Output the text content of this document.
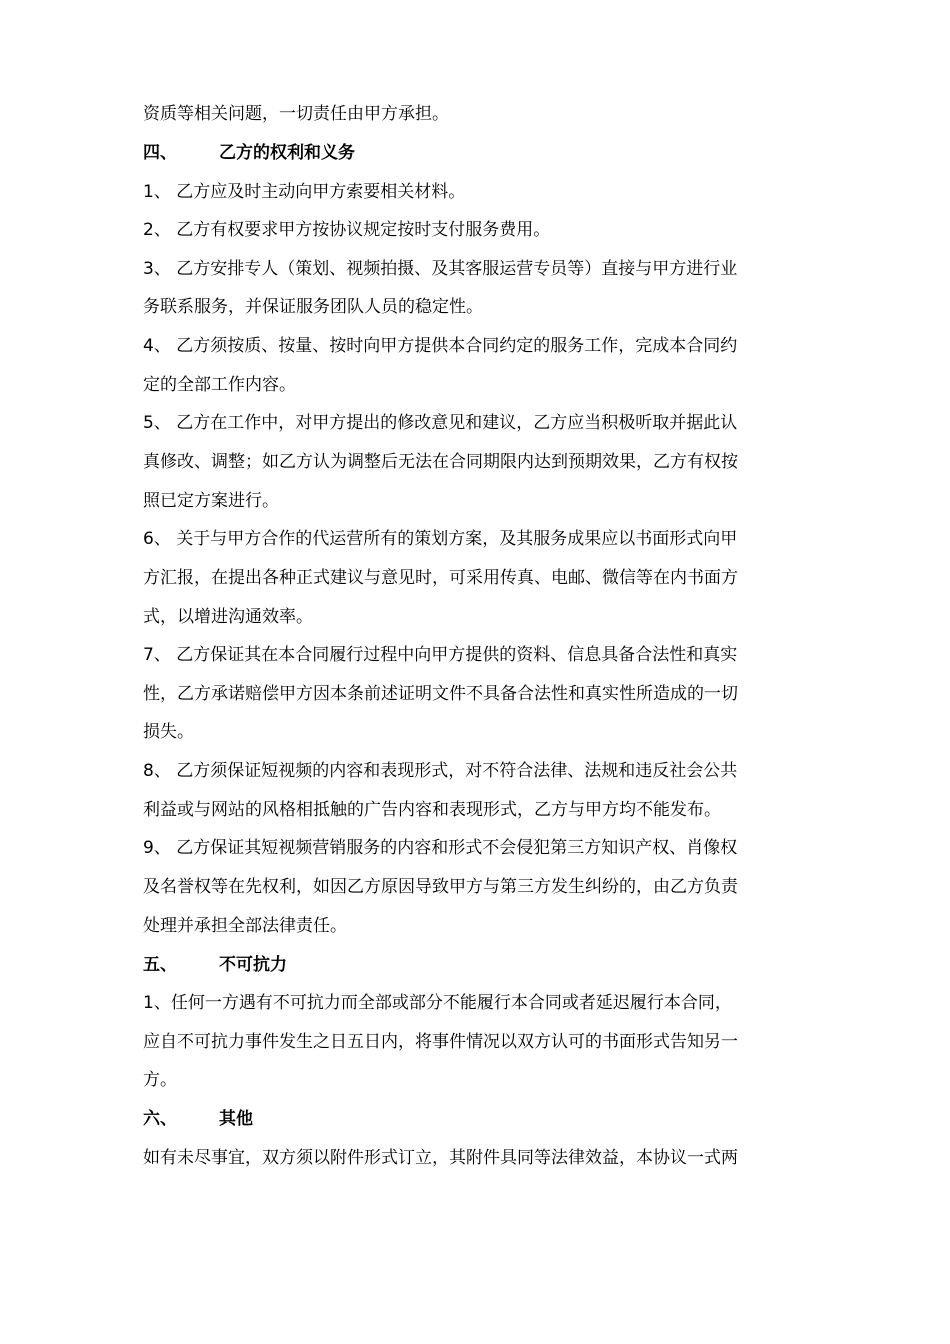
资质等相关问题，一切责任由甲方承担。

四、 乙方的权利和义务

1、 乙方应及时主动向甲方索要相关材料。

2、 乙方有权要求甲方按协议规定按时支付服务费用。

3、 乙方安排专人（策划、视频拍摄、及其客服运营专员等）直接与甲方进行业

务联系服务，并保证服务团队人员的稳定性。

4、 乙方须按质、按量、按时向甲方提供本合同约定的服务工作，完成本合同约

定的全部工作内容。

5、 乙方在工作中，对甲方提出的修改意见和建议，乙方应当积极听取并据此认

真修改、调整；如乙方认为调整后无法在合同期限内达到预期效果，乙方有权按

照已定方案进行。

6、 关于与甲方合作的代运营所有的策划方案，及其服务成果应以书面形式向甲

方汇报，在提出各种正式建议与意见时，可采用传真、电邮、微信等在内书面方

式，以增进沟通效率。

7、 乙方保证其在本合同履行过程中向甲方提供的资料、信息具备合法性和真实

性，乙方承诺赔偿甲方因本条前述证明文件不具备合法性和真实性所造成的一切

损失。

8、 乙方须保证短视频的内容和表现形式，对不符合法律、法规和违反社会公共

利益或与网站的风格相抵触的广告内容和表现形式，乙方与甲方均不能发布。

9、 乙方保证其短视频营销服务的内容和形式不会侵犯第三方知识产权、肖像权

及名誉权等在先权利，如因乙方原因导致甲方与第三方发生纠纷的，由乙方负责

处理并承担全部法律责任。

五、 不可抗力

1、任何一方遇有不可抗力而全部或部分不能履行本合同或者延迟履行本合同，

应自不可抗力事件发生之日五日内，将事件情况以双方认可的书面形式告知另一

方。

六、 其他

如有未尽事宜，双方须以附件形式订立，其附件具同等法律效益，本协议一式两
